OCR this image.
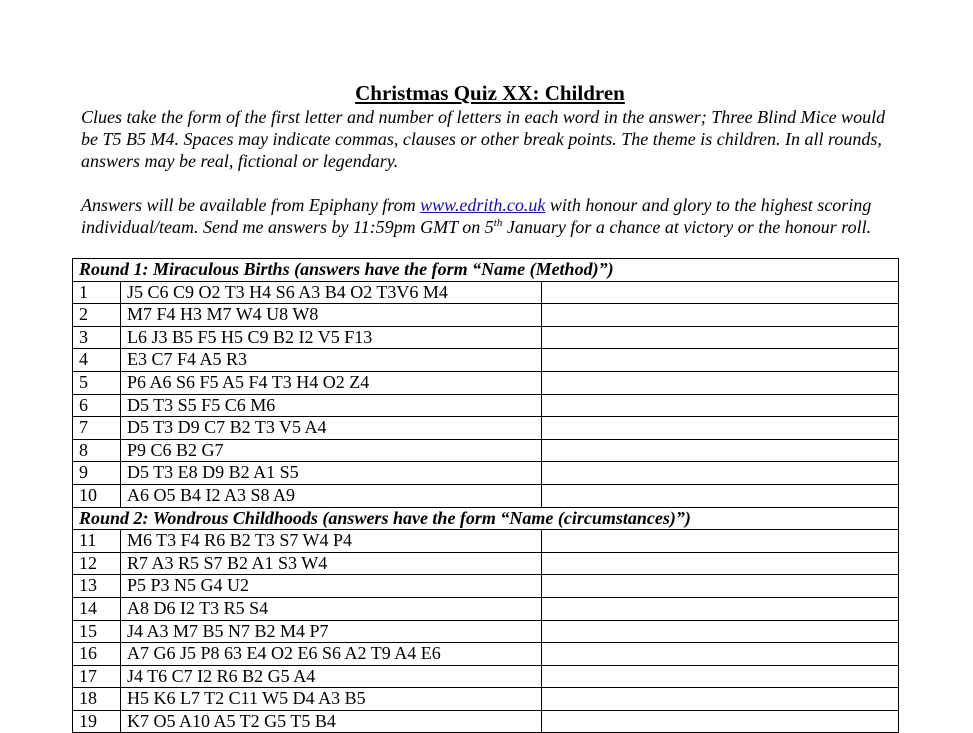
Christmas Quiz XX: Children

Clues take the form of the first letter and number of letters in each word in the answer; Three Blind Mice would be T5 B5 M4. Spaces may indicate commas, clauses or other break points. The theme is children. In all rounds, answers may be real, fictional or legendary.

Answers will be available from Epiphany from www.edrith.co.uk with honour and glory to the highest scoring individual/team. Send me answers by 11:59pm GMT on 5th January for a chance at victory or the honour roll.

Round 1: Miraculous Births (answers have the form “Name (Method)”)		
1	J5 C6 C9 O2 T3 H4 S6 A3 B4 O2 T3V6 M4	
2	M7 F4 H3 M7 W4 U8 W8	
3	L6 J3 B5 F5 H5 C9 B2 I2 V5 F13	
4	E3 C7 F4 A5 R3	
5	P6 A6 S6 F5 A5 F4 T3 H4 O2 Z4	
6	D5 T3 S5 F5 C6 M6	
7	D5 T3 D9 C7 B2 T3 V5 A4	
8	P9 C6 B2 G7	
9	D5 T3 E8 D9 B2 A1 S5	
10	A6 O5 B4 I2 A3 S8 A9	
Round 2: Wondrous Childhoods (answers have the form “Name (circumstances)”)		
11	M6 T3 F4 R6 B2 T3 S7 W4 P4	
12	R7 A3 R5 S7 B2 A1 S3 W4	
13	P5 P3 N5 G4 U2	
14	A8 D6 I2 T3 R5 S4	
15	J4 A3 M7 B5 N7 B2 M4 P7	
16	A7 G6 J5 P8 63 E4 O2 E6 S6 A2 T9 A4 E6	
17	J4 T6 C7 I2 R6 B2 G5 A4	
18	H5 K6 L7 T2 C11 W5 D4 A3 B5	
19	K7 O5 A10 A5 T2 G5 T5 B4	
